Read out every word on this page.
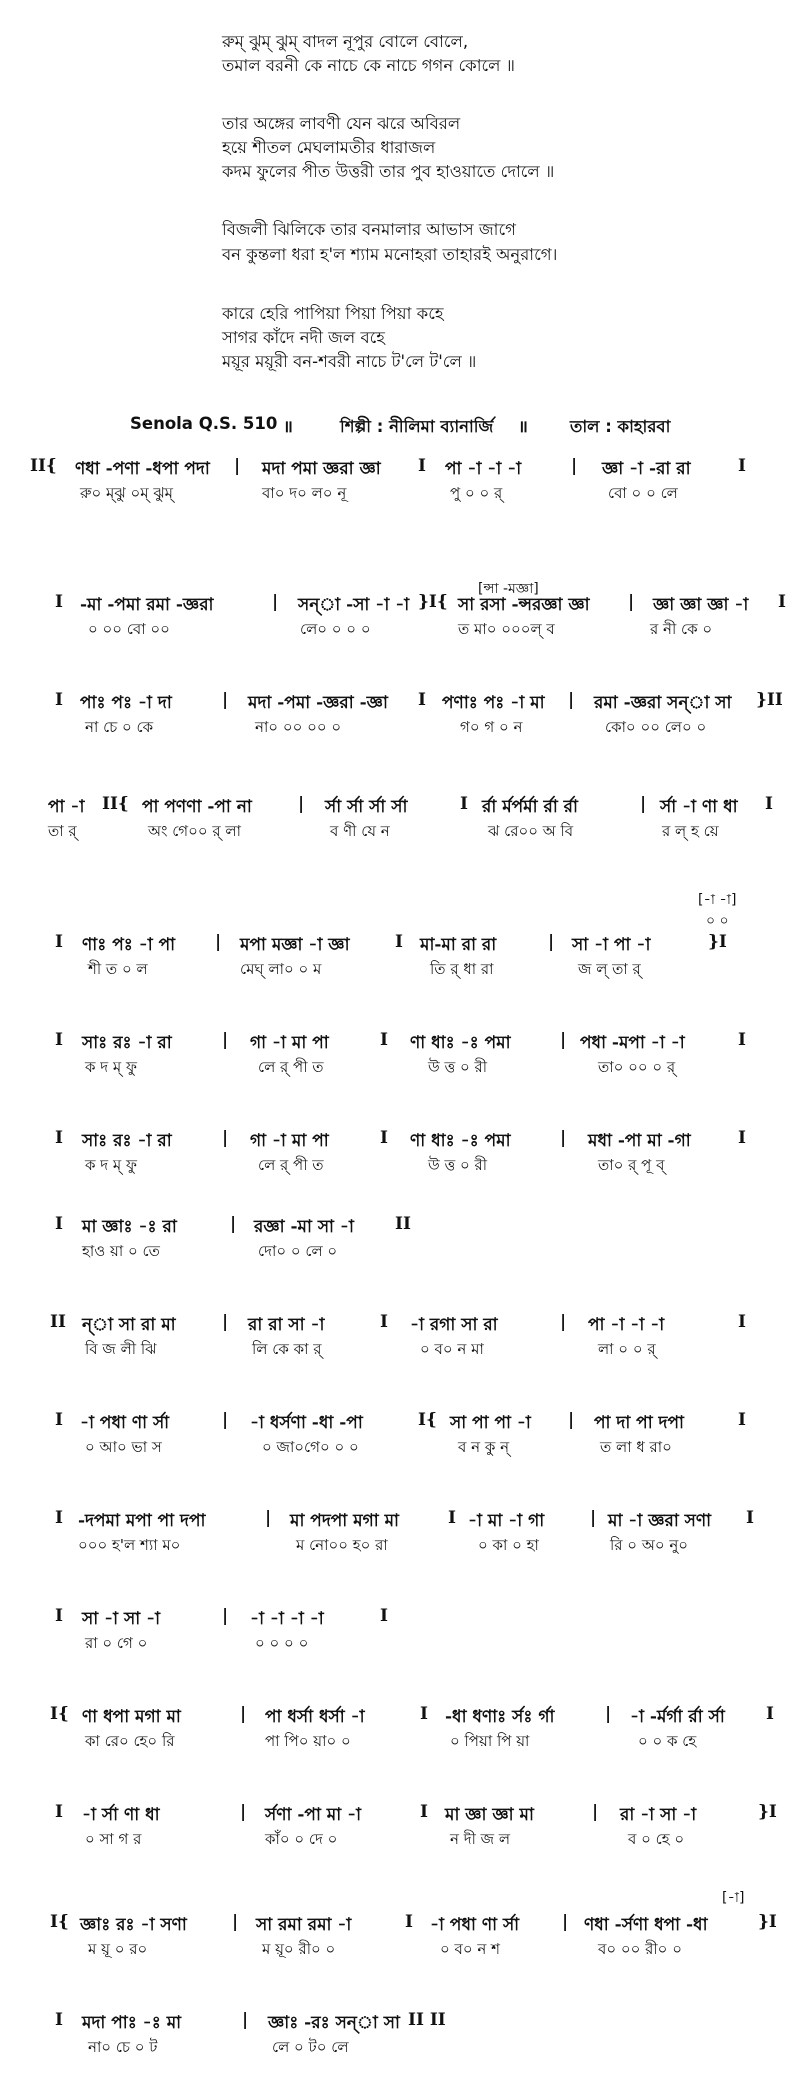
রুম্ ঝুম্ ঝুম্ বাদল নূপুর বোলে বোলে,
তমাল বরনী কে নাচে কে নাচে গগন কোলে ॥
তার অঙ্গের লাবণী যেন ঝরে অবিরল
হয়ে শীতল মেঘলামতীর ধারাজল
কদম ফুলের পীত উত্তরী তার পুব হাওয়াতে দোলে ॥
বিজলী ঝিলিকে তার বনমালার আভাস জাগে
বন কুন্তলা ধরা হ'ল শ্যাম মনোহরা তাহারই অনুরাগে।
কারে হেরি পাপিয়া পিয়া পিয়া কহে
সাগর কাঁদে নদী জল বহে
ময়ূর ময়ূরী বন-শবরী নাচে ট'লে ট'লে ॥
Senola Q.S. 510 ॥	শিল্পী : নীলিমা ব্যানার্জি ॥	তাল : কাহারবা
II{ ণধা -পণা -ধপা পদা | মদা পমা জ্ঞরা জ্ঞা I পা -া -া -া	| জ্ঞা -া -রা রা	I
রু০ ম্‌ঝু ০ম্‌ ঝুম্‌	বা০ দ০ ল০ নূ	পু ০ ০ র্‌	বো ০ ০ লে
I -মা -পমা রমা -জ্ঞরা	| সন্া -সা -া -া }I{ সা রসা -ন্সরজ্ঞা জ্ঞা | জ্ঞা জ্ঞা জ্ঞা -া I
০ ০০ বো ০০	লে০ ০ ০ ০	ত মা০ ০০০ল্‌ ব	র নী কে ০
I পাঃ পঃ -া দা	| মদা -পমা -জ্ঞরা -জ্ঞা I পণাঃ পঃ -া মা | রমা -জ্ঞরা সন্া সা }II
না চে ০ কে	না০ ০০ ০০ ০	গ০ গ ০ ন	কো০ ০০ লে০ ০
পা -া II{ পা পণণা -পা না	| র্সা র্সা র্সা র্সা	I র্রা র্মর্পর্মা র্রা র্রা	| র্সা -া ণা ধা I
তা র্‌	অং গে০০ র্‌ লা	ব ণী যে ন	ঝ রে০০ অ বি	র ল্‌ হ য়ে
I ণাঃ পঃ -া পা | মপা মজ্ঞা -া জ্ঞা	I মা-মা রা রা	| সা -া পা -া	}I
শী ত ০ ল	মেঘ্‌ লা০ ০ ম	তি র্‌ ধা রা	জ ল্‌ তা র্‌
I সাঃ রঃ -া রা	| গা -া মা পা	I ণা ধাঃ -ঃ পমা	| পধা -মপা -া -া	I
ক দ ম্‌ ফু	লে র্‌ পী ত	উ ত্ত ০ রী	তা০ ০০ ০ র্‌
I সাঃ রঃ -া রা	| গা -া মা পা	I ণা ধাঃ -ঃ পমা	| মধা -পা মা -গা	I
ক দ ম্‌ ফু	লে র্‌ পী ত	উ ত্ত ০ রী	তা০ র্‌ পূ ব্‌
I মা জ্ঞাঃ -ঃ রা	| রজ্ঞা -মা সা -া II
হাও য়া ০ তে	দো০ ০ লে ০
II ন্া সা রা মা	| রা রা সা -া	I -া রগা সা রা	| পা -া -া -া	I
বি জ লী ঝি	লি কে কা র্‌	০ ব০ ন মা	লা ০ ০ র্‌
I -া পধা ণা র্সা	| -া ধর্সণা -ধা -পা	I{ সা পা পা -া | পা দা পা দপা	I
০ আ০ ভা স	০ জা০গে০ ০ ০	ব ন কু ন্‌	ত লা ধ রা০
I -দপমা মপা পা দপা	| মা পদপা মগা মা	I -া মা -া গা	| মা -া জ্ঞরা সণা I
০০০ হ'ল শ্যা ম০	ম নো০০ হ০ রা	০ কা ০ হা	রি ০ অ০ নু০
I সা -া সা -া	| -া -া -া -া	I
রা ০ গে ০	০ ০ ০ ০
I{ ণা ধপা মগা মা	| পা ধর্সা ধর্সা -া	I -ধা ধণাঃ র্সঃ র্গা	| -া -র্মর্গা র্রা র্সা I
কা রে০ হে০ রি	পা পি০ য়া০ ০	০ পিয়া পি য়া	০ ০ ক হে
I -া র্সা ণা ধা	| র্সণা -পা মা -া	I মা জ্ঞা জ্ঞা মা	| রা -া সা -া	}I
০ সা গ র	কাঁ০ ০ দে ০	ন দী জ ল	ব ০ হে ০
I{ জ্ঞাঃ রঃ -া সণা	| সা রমা রমা -া	I -া পধা ণা র্সা	| ণধা -র্সণা ধপা -ধা	}I
ম য়ূ ০ র০	ম য়ূ০ রী০ ০	০ ব০ ন শ	ব০ ০০ রী০ ০
I মদা পাঃ -ঃ মা	| জ্ঞাঃ -রঃ সন্া সা II II
না০ চে ০ ট	লে ০ ট০ লে
[ন্সা -মজ্ঞা]
[-া -া]
০ ০
[-া]
